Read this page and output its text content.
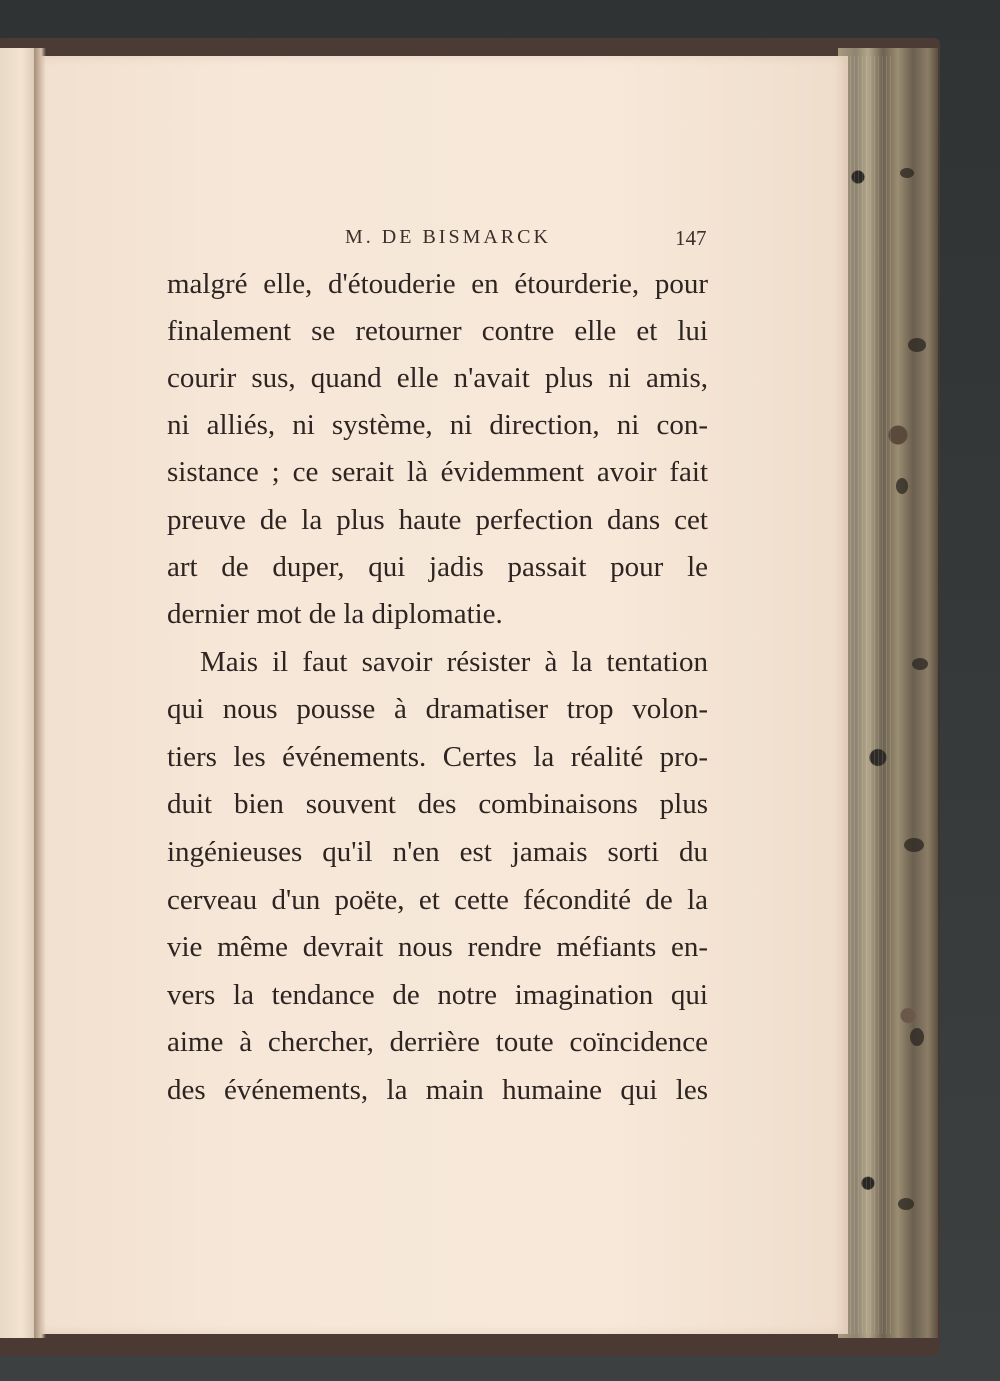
M. DE BISMARCK	147
malgré elle, d'étouderie en étourderie, pour
finalement se retourner contre elle et lui
courir sus, quand elle n'avait plus ni amis,
ni alliés, ni système, ni direction, ni con-
sistance ; ce serait là évidemment avoir fait
preuve de la plus haute perfection dans cet
art de duper, qui jadis passait pour le
dernier mot de la diplomatie.
Mais il faut savoir résister à la tentation
qui nous pousse à dramatiser trop volon-
tiers les événements. Certes la réalité pro-
duit bien souvent des combinaisons plus
ingénieuses qu'il n'en est jamais sorti du
cerveau d'un poëte, et cette fécondité de la
vie même devrait nous rendre méfiants en-
vers la tendance de notre imagination qui
aime à chercher, derrière toute coïncidence
des événements, la main humaine qui les
